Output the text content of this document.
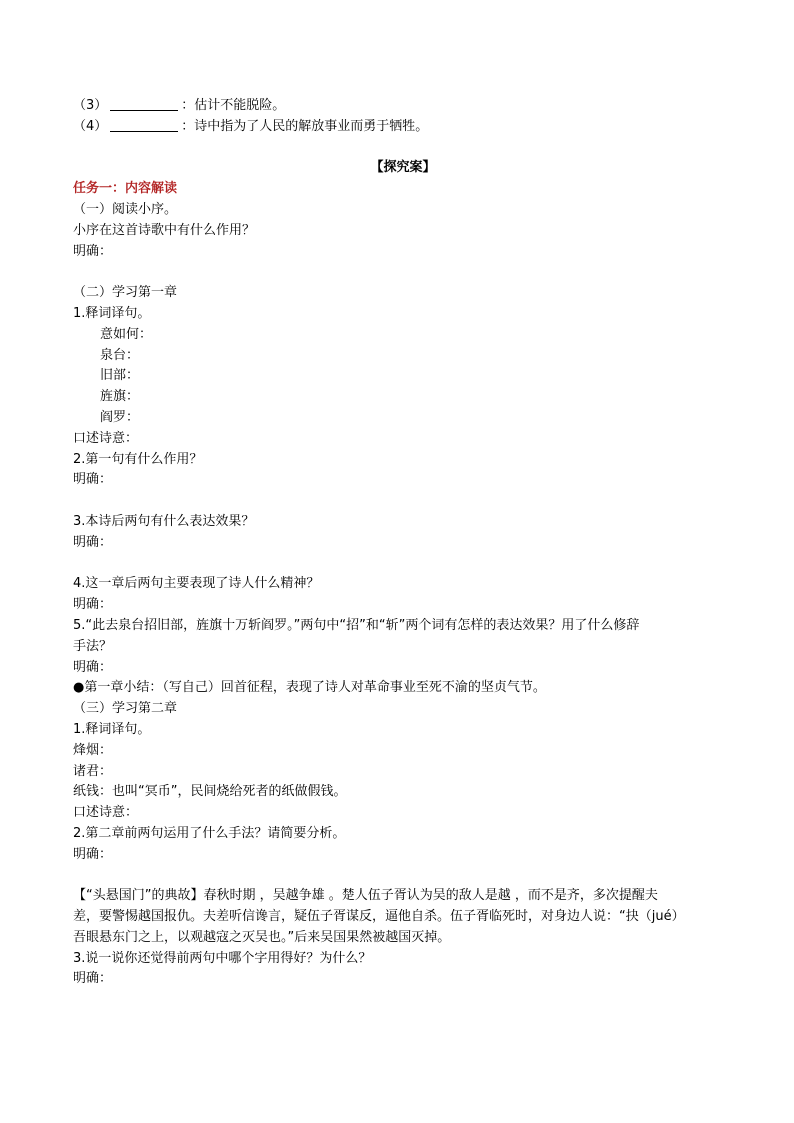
（3）	：估计不能脱险。
（4）	：诗中指为了人民的解放事业而勇于牺牲。
【探究案】
任务一：内容解读
（一）阅读小序。
小序在这首诗歌中有什么作用？
明确：
（二）学习第一章
1.释词译句。
意如何：
泉台：
旧部：
旌旗：
阎罗：
口述诗意：
2.第一句有什么作用？
明确：
3.本诗后两句有什么表达效果？
明确：
4.这一章后两句主要表现了诗人什么精神？
明确：
5.“此去泉台招旧部，旌旗十万斩阎罗。”两句中“招”和“斩”两个词有怎样的表达效果？用了什么修辞
手法？
明确：
●第一章小结：（写自己）回首征程，表现了诗人对革命事业至死不渝的坚贞气节。
（三）学习第二章
1.释词译句。
烽烟：
诸君：
纸钱：也叫“冥币”，民间烧给死者的纸做假钱。
口述诗意：
2.第二章前两句运用了什么手法？请简要分析。
明确：
【“头悬国门”的典故】春秋时期 ，吴越争雄 。楚人伍子胥认为吴的敌人是越 ，而不是齐，多次提醒夫
差，要警惕越国报仇。夫差听信谗言，疑伍子胥谋反，逼他自杀。伍子胥临死时，对身边人说：“抉（jué）
吾眼悬东门之上，以观越寇之灭吴也。”后来吴国果然被越国灭掉。
3.说一说你还觉得前两句中哪个字用得好？为什么？
明确：
